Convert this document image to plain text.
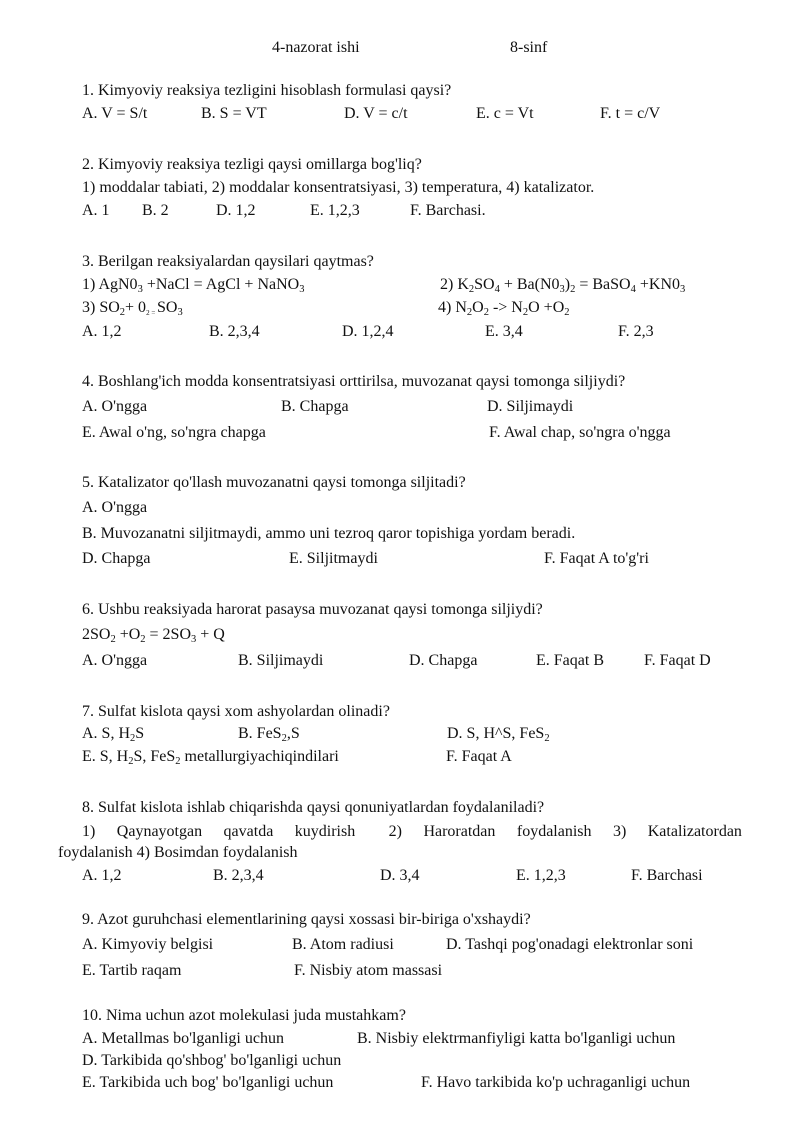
4-nazorat ishi	8-sinf
1. Kimyoviy reaksiya tezligini hisoblash formulasi qaysi?
A. V = S/t	B. S = VT	D. V = c/t	E. c = Vt	F. t = c/V
2. Kimyoviy reaksiya tezligi qaysi omillarga bog'liq?
1) moddalar tabiati, 2) moddalar konsentratsiyasi, 3) temperatura, 4) katalizator.
A. 1 B. 2	D. 1,2	E. 1,2,3	F. Barchasi.
3. Berilgan reaksiyalardan qaysilari qaytmas?
1) $AgN0_3$ +NaCl = AgCl + NaNO$_3$	2) $K_2SO_4 + Ba(N0_3)_2$ = BaSO$_4$ $+KN0_3$
3) $SO_2+ 0_{2 =}$ $SO_3$	4) $N_2O_2 -> N_2O +O_2$
A. 1,2	B. 2,3,4	D. 1,2,4	E. 3,4	F. 2,3
4. Boshlang'ich modda konsentratsiyasi orttirilsa, muvozanat qaysi tomonga siljiydi?
A. O'ngga	B. Chapga	D. Siljimaydi
E. Awal o'ng, so'ngra chapga	F. Awal chap, so'ngra o'ngga
5. Katalizator qo'llash muvozanatni qaysi tomonga siljitadi?
A. O'ngga
B. Muvozanatni siljitmaydi, ammo uni tezroq qaror topishiga yordam beradi.
D. Chapga	E. Siljitmaydi	F. Faqat A to'g'ri
6. Ushbu reaksiyada harorat pasaysa muvozanat qaysi tomonga siljiydi?
$2SO_2 +O_2 = 2SO_3 + Q$
A. O'ngga	B. Siljimaydi	D. Chapga	E. Faqat B	F. Faqat D
7. Sulfat kislota qaysi xom ashyolardan olinadi?
A. S, $H_2S$	B. FeS$_2$,S	D. S, H^S, FeS$_2$
E. S, $H_2S$, FeS$_2$ metallurgiyachiqindilari	F. Faqat A
8. Sulfat kislota ishlab chiqarishda qaysi qonuniyatlardan foydalaniladi?
1) Qaynayotgan qavatda kuydirish 2) Haroratdan foydalanish 3) Katalizatordan
foydalanish 4) Bosimdan foydalanish
A. 1,2	B. 2,3,4	D. 3,4	E. 1,2,3	F. Barchasi
9. Azot guruhchasi elementlarining qaysi xossasi bir-biriga o'xshaydi?
A. Kimyoviy belgisi	B. Atom radiusi	D. Tashqi pog'onadagi elektronlar soni
E. Tartib raqam	F. Nisbiy atom massasi
10. Nima uchun azot molekulasi juda mustahkam?
A. Metallmas bo'lganligi uchun	B. Nisbiy elektrmanfiyligi katta bo'lganligi uchun
D. Tarkibida qo'shbog' bo'lganligi uchun
E. Tarkibida uch bog' bo'lganligi uchun	F. Havo tarkibida ko'p uchraganligi uchun
